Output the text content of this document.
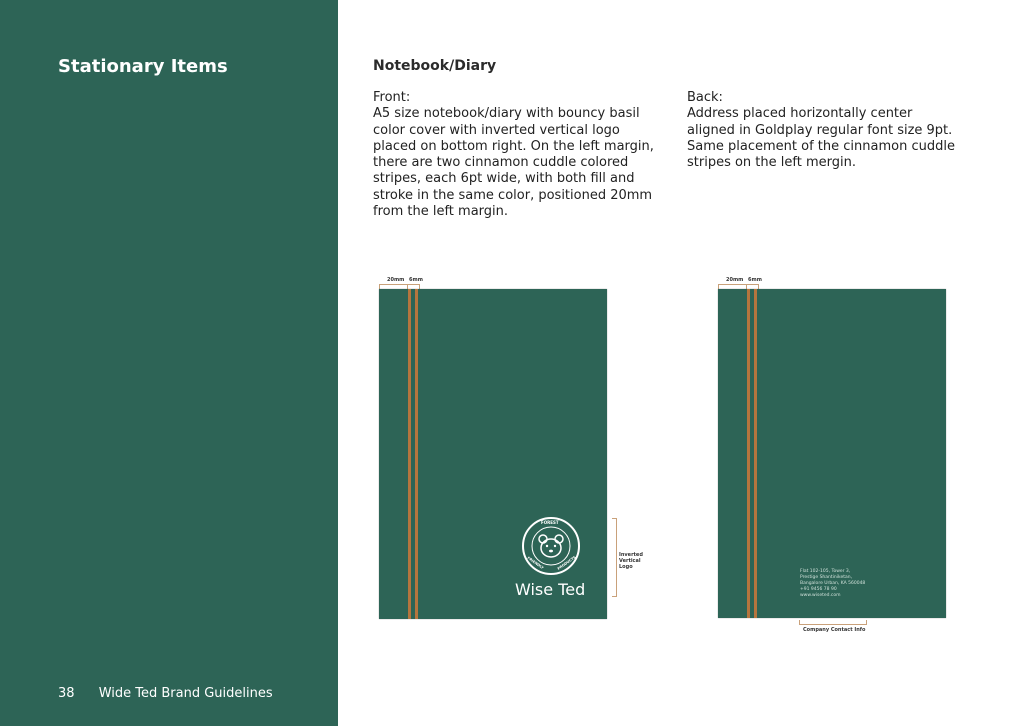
Stationary Items
38 Wide Ted Brand Guidelines
Notebook/Diary
Front:
A5 size notebook/diary with bouncy basil color cover with inverted vertical logo placed on bottom right. On the left margin, there are two cinnamon cuddle colored stripes, each 6pt wide, with both fill and stroke in the same color, positioned 20mm from the left margin.
Back:
Address placed horizontally center aligned in Goldplay regular font size 9pt. Same placement of the cinnamon cuddle stripes on the left mergin.
20mm 6mm
FOREST
FRIENDLY	PRODUCTS
Wise Ted
Inverted
Vertical Logo
20mm 6mm
Flat 102-105, Tower 3,
Prestige Shantiniketan,
Bangalore Urban, KA 560048
+91 9456 78 90
www.wiseted.com
Company Contact Info
